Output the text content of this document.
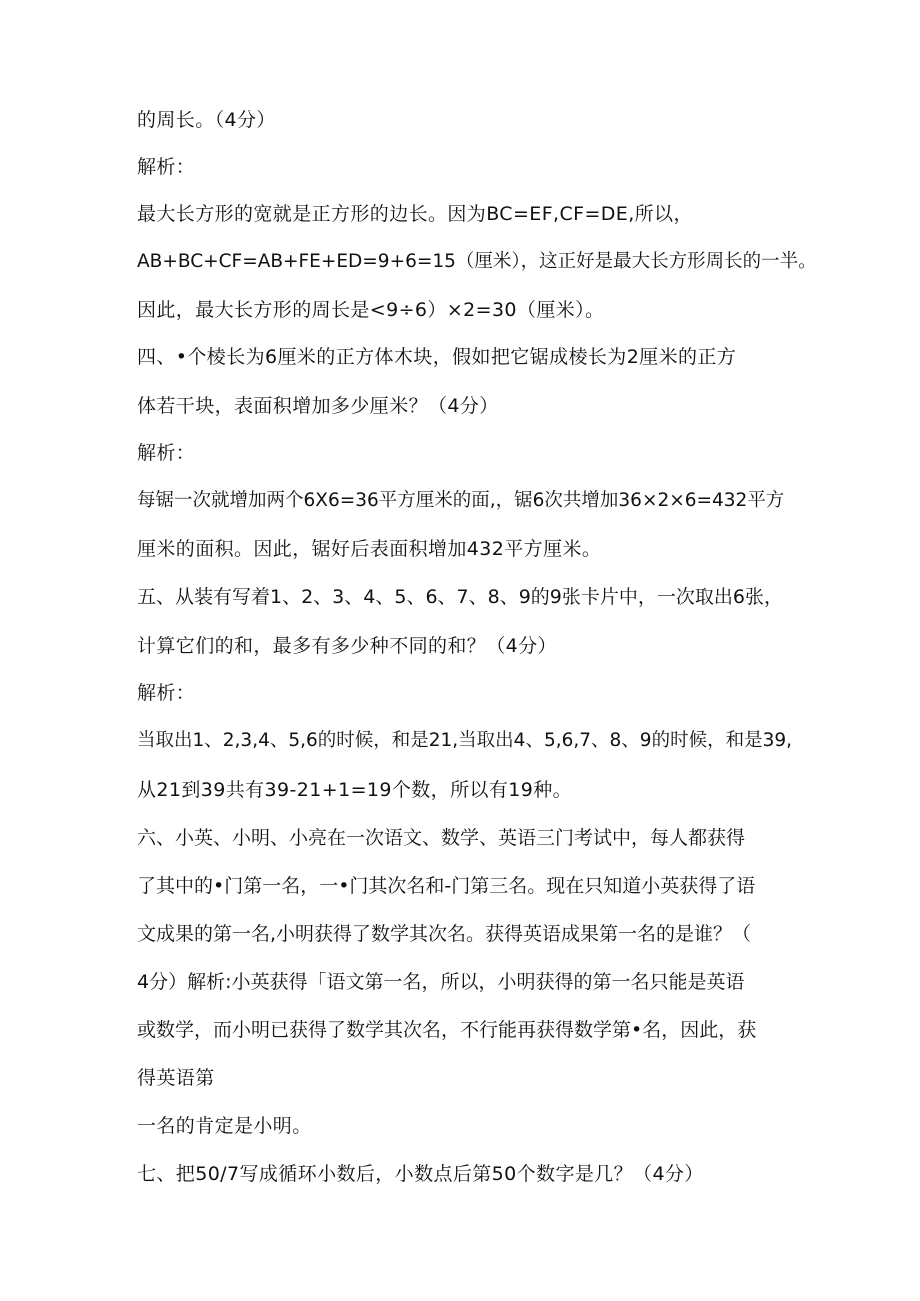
的周长。（4分）

解析：

最大长方形的宽就是正方形的边长。因为BC=EF,CF=DE,所以，

AB+BC+CF=AB+FE+ED=9+6=15（厘米），这正好是最大长方形周长的一半。

因此，最大长方形的周长是<9÷6）×2=30（厘米）。

四、•个棱长为6厘米的正方体木块，假如把它锯成棱长为2厘米的正方

体若干块，表面积增加多少厘米？（4分）

解析：

每锯一次就增加两个6X6=36平方厘米的面,，锯6次共增加36×2×6=432平方

厘米的面积。因此，锯好后表面积增加432平方厘米。

五、从装有写着1、2、3、4、5、6、7、8、9的9张卡片中，一次取出6张，

计算它们的和，最多有多少种不同的和？（4分）

解析：

当取出1、2,3,4、5,6的时候，和是21,当取出4、5,6,7、8、9的时候，和是39,

从21到39共有39-21+1=19个数，所以有19种。

六、小英、小明、小亮在一次语文、数学、英语三门考试中，每人都获得

了其中的•门第一名，一•门其次名和-门第三名。现在只知道小英获得了语

文成果的第一名,小明获得了数学其次名。获得英语成果第一名的是谁？（

4分）解析:小英获得「语文第一名，所以，小明获得的第一名只能是英语

或数学，而小明已获得了数学其次名，不行能再获得数学第•名，因此，获

得英语第

一名的肯定是小明。

七、把50/7写成循环小数后，小数点后第50个数字是几？（4分）
